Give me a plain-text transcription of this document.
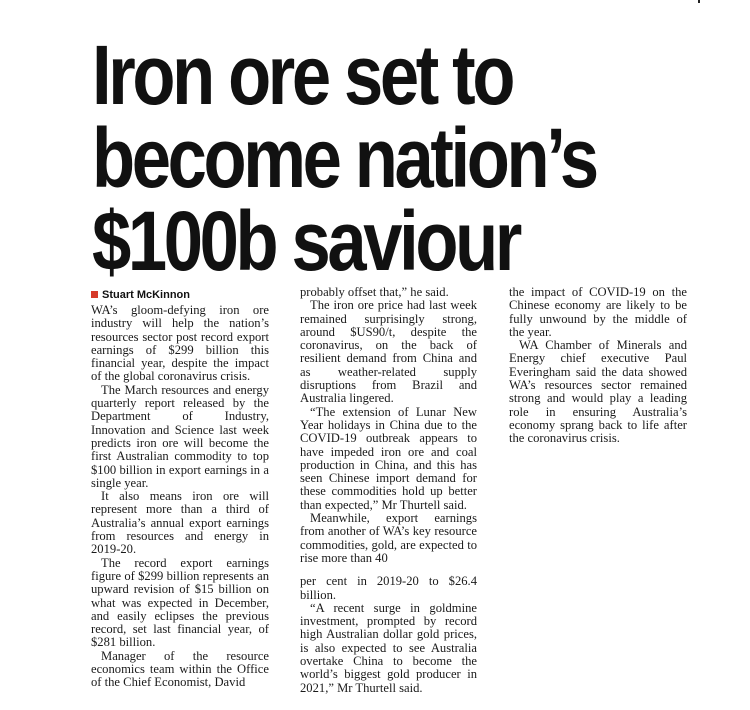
Iron ore set to
become nation’s
$100b saviour
Stuart McKinnon

WA’s gloom-defying iron ore industry will help the nation’s resources sector post record export earnings of $299 billion this financial year, despite the impact of the global coronavirus crisis.

The March resources and energy quarterly report released by the Department of Industry, Innovation and Science last week predicts iron ore will become the first Australian commodity to top $100 billion in export earnings in a single year.

It also means iron ore will represent more than a third of Australia’s annual export earnings from resources and energy in 2019-20.

The record export earnings figure of $299 billion represents an upward revision of $15 billion on what was expected in December, and easily eclipses the previous record, set last financial year, of $281 billion.

Manager of the resource economics team within the Office of the Chief Economist, David

probably offset that,” he said.

The iron ore price had last week remained surprisingly strong, around $US90/t, despite the coronavirus, on the back of resilient demand from China and as weather-related supply disruptions from Brazil and Australia lingered.

“The extension of Lunar New Year holidays in China due to the COVID-19 outbreak appears to have impeded iron ore and coal production in China, and this has seen Chinese import demand for these commodities hold up better than expected,” Mr Thurtell said.

Meanwhile, export earnings from another of WA’s key resource commodities, gold, are expected to rise more than 40

per cent in 2019-20 to $26.4 billion.

“A recent surge in goldmine investment, prompted by record high Australian dollar gold prices, is also expected to see Australia overtake China to become the world’s biggest gold producer in 2021,” Mr Thurtell said.

the impact of COVID-19 on the Chinese economy are likely to be fully unwound by the middle of the year.

WA Chamber of Minerals and Energy chief executive Paul Everingham said the data showed WA’s resources sector remained strong and would play a leading role in ensuring Australia’s economy sprang back to life after the coronavirus crisis.
